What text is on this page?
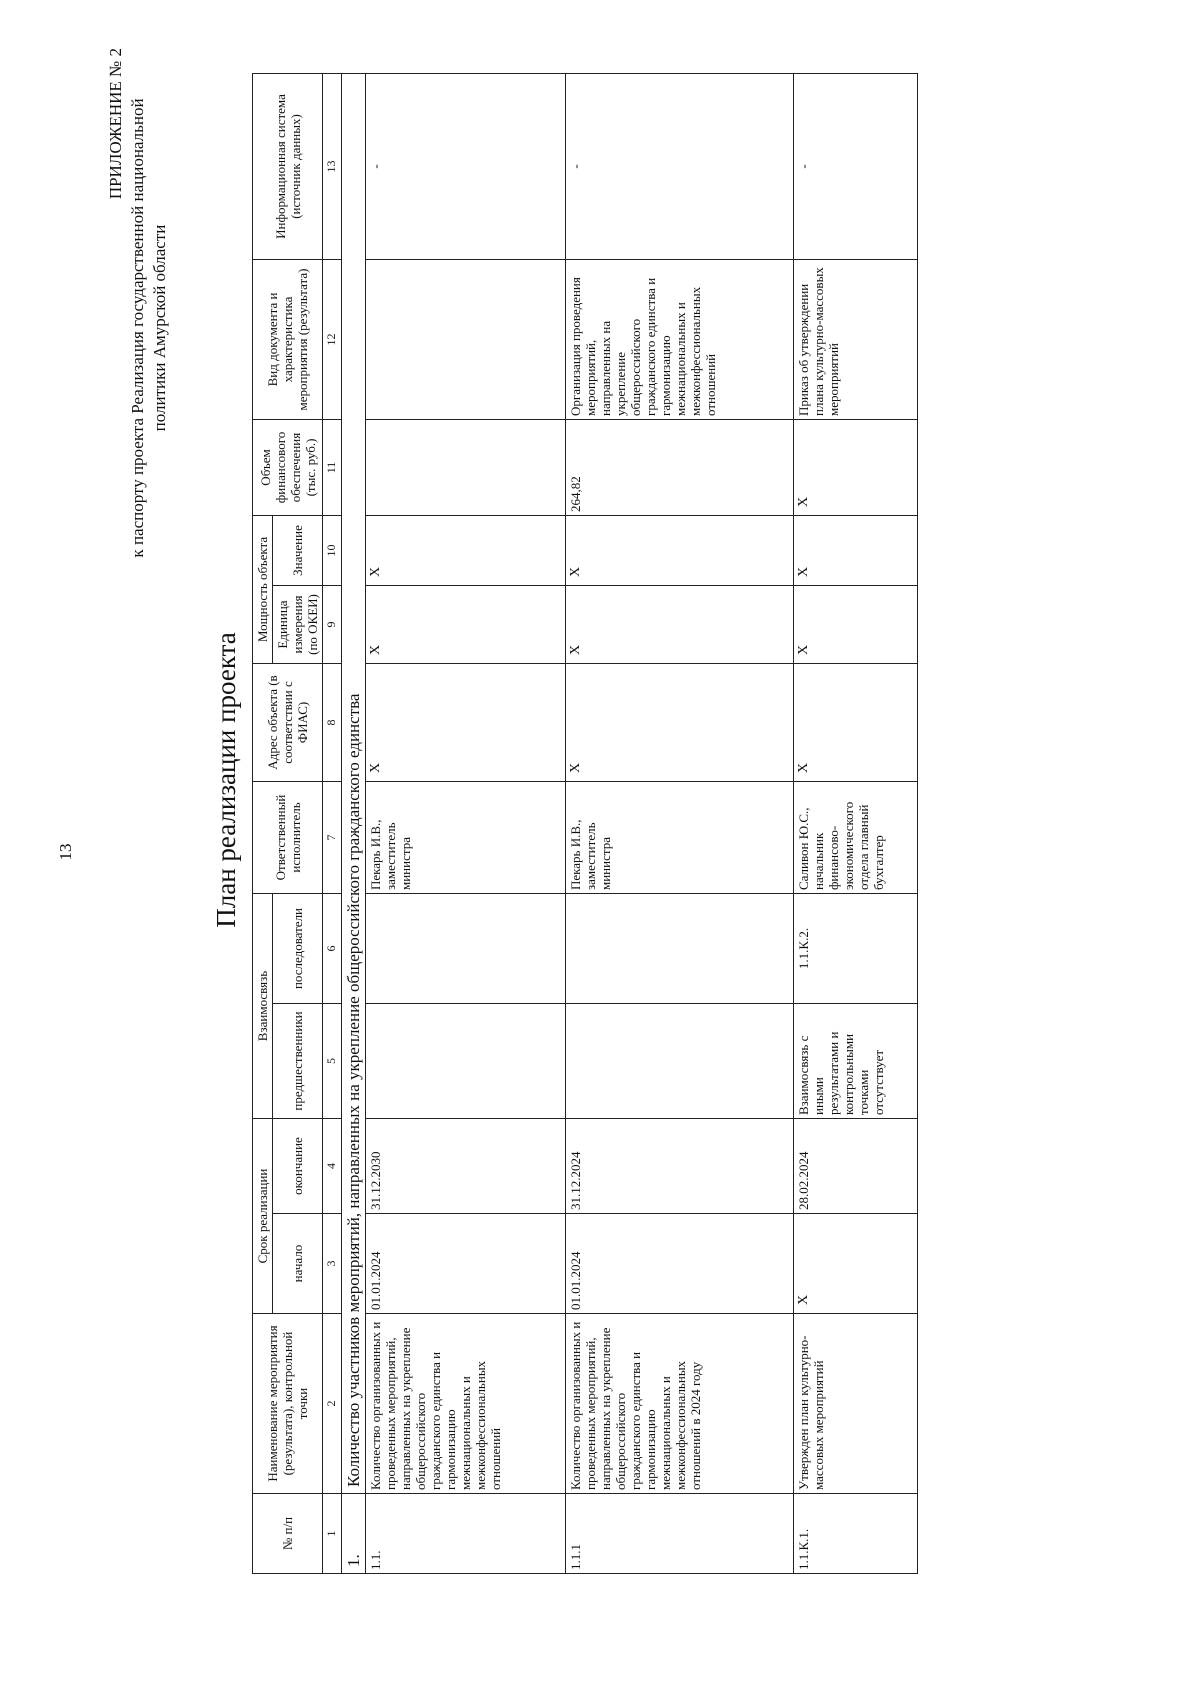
13	План реализации проекта
ПРИЛОЖЕНИЕ № 2 к паспорту проекта Реализация государственной национальной политики Амурской области
№ п/п	Наименование мероприятия (результата), контрольной точки	Срок реализации		Взаимосвязь		Ответственный исполнитель	Адрес объекта (в соответствии с ФИАС)	Мощность объекта		Объем финансового обеспечения (тыс. руб.)	Вид документа и характеристика мероприятия (результата)	Информационная система (источник данных)
		начало	окончание	предшественники	последователи			Единица измерения (по ОКЕИ)	Значение			
1	2	3	4	5	6	7	8	9	10	11	12	13
1.	Количество участников мероприятий, направленных на укрепление общероссийского гражданского единства											
1.1.	Количество организованных и проведенных мероприятий, направленных на укрепление общероссийского гражданского единства и гармонизацию межнациональных и межконфессиональных отношений	01.01.2024	31.12.2030			Пекарь И.В., заместитель министра	Х	Х	Х			-
1.1.1	Количество организованных и проведенных мероприятий, направленных на укрепление общероссийского гражданского единства и гармонизацию межнациональных и межконфессиональных отношений в 2024 году	01.01.2024	31.12.2024			Пекарь И.В., заместитель министра	Х	Х	Х	264,82	Организация проведения мероприятий, направленных на укрепление общероссийского гражданского единства и гармонизацию межнациональных и межконфессиональных отношений	-
1.1.К.1.	Утвержден план культурно-массовых мероприятий	Х	28.02.2024	Взаимосвязь с иными результатами и контрольными точками отсутствует	1.1.К.2.	Саливон Ю.С., начальник финансово-экономического отдела главный бухгалтер	Х	Х	Х	Х	Приказ об утверждении плана культурно-массовых мероприятий	-
